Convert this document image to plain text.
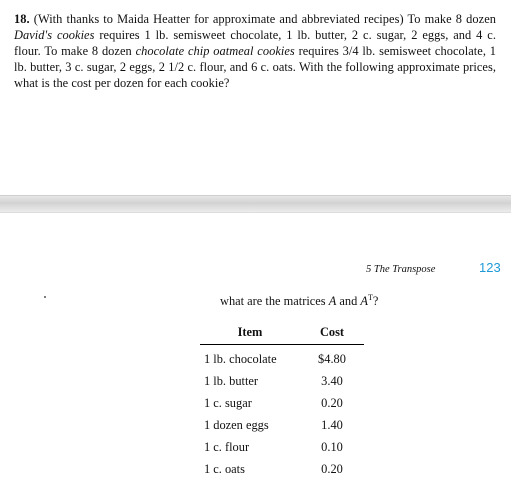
18. (With thanks to Maida Heatter for approximate and abbreviated recipes) To make 8 dozen David's cookies requires 1 lb. semisweet chocolate, 1 lb. butter, 2 c. sugar, 2 eggs, and 4 c. flour. To make 8 dozen chocolate chip oatmeal cookies requires 3/4 lb. semisweet chocolate, 1 lb. butter, 3 c. sugar, 2 eggs, 2 1/2 c. flour, and 6 c. oats. With the following approximate prices, what is the cost per dozen for each cookie?
5 The Transpose	123
what are the matrices A and $A^T$?
Item	Cost
1 lb. chocolate	$4.80
1 lb. butter	3.40
1 c. sugar	0.20
1 dozen eggs	1.40
1 c. flour	0.10
1 c. oats	0.20
